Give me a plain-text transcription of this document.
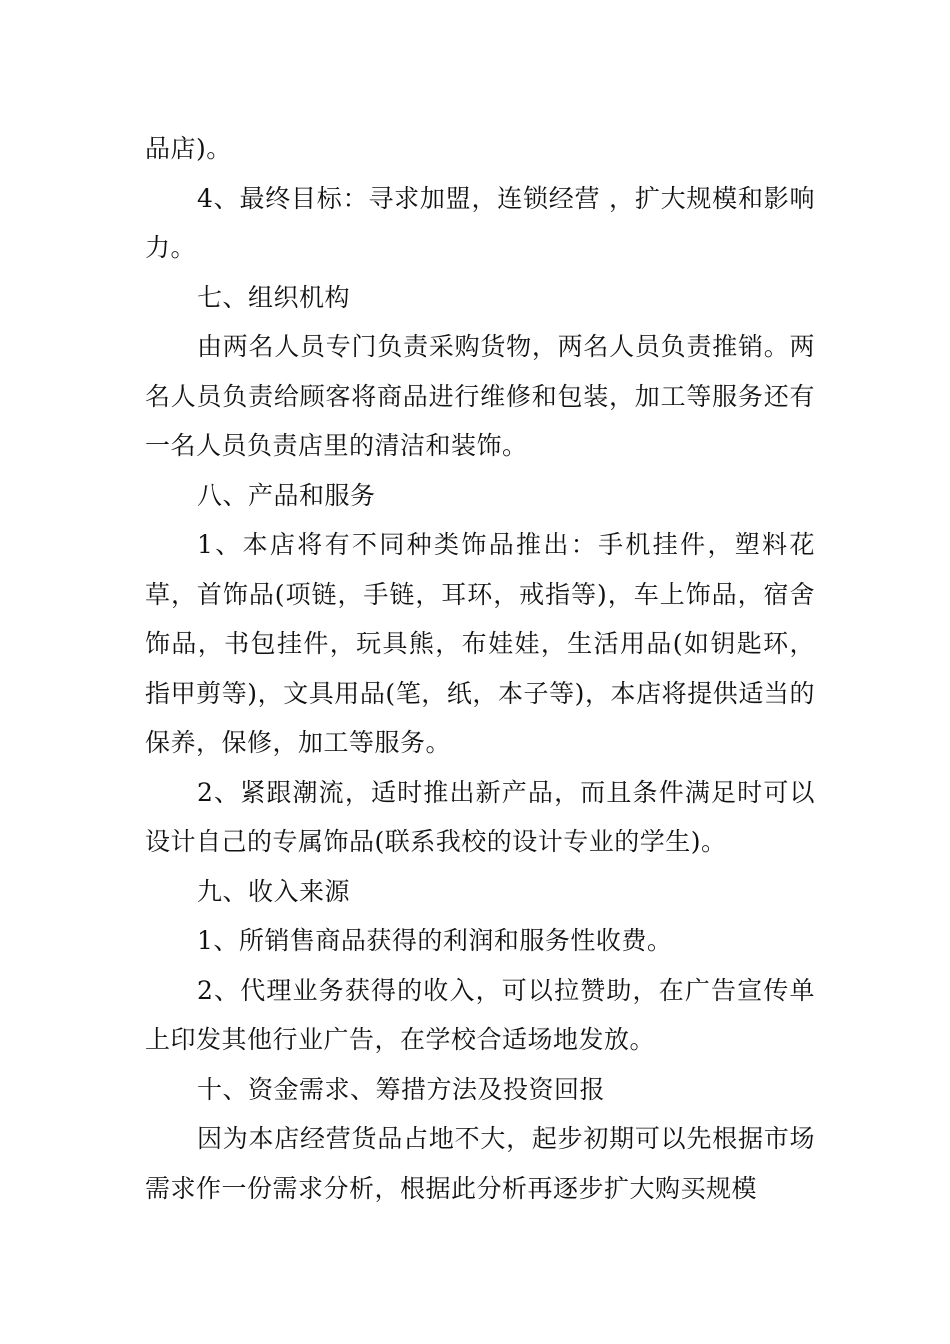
品店)。

4、最终目标：寻求加盟，连锁经营 ，扩大规模和影响力。

七、组织机构

由两名人员专门负责采购货物，两名人员负责推销。两名人员负责给顾客将商品进行维修和包装，加工等服务还有一名人员负责店里的清洁和装饰。

八、产品和服务

1、本店将有不同种类饰品推出：手机挂件，塑料花草，首饰品(项链，手链，耳环，戒指等)，车上饰品，宿舍饰品，书包挂件，玩具熊，布娃娃，生活用品(如钥匙环，指甲剪等)，文具用品(笔，纸，本子等)，本店将提供适当的保养，保修，加工等服务。

2、紧跟潮流，适时推出新产品，而且条件满足时可以设计自己的专属饰品(联系我校的设计专业的学生)。

九、收入来源

1、所销售商品获得的利润和服务性收费。

2、代理业务获得的收入，可以拉赞助，在广告宣传单上印发其他行业广告，在学校合适场地发放。

十、资金需求、筹措方法及投资回报

因为本店经营货品占地不大，起步初期可以先根据市场需求作一份需求分析，根据此分析再逐步扩大购买规模
